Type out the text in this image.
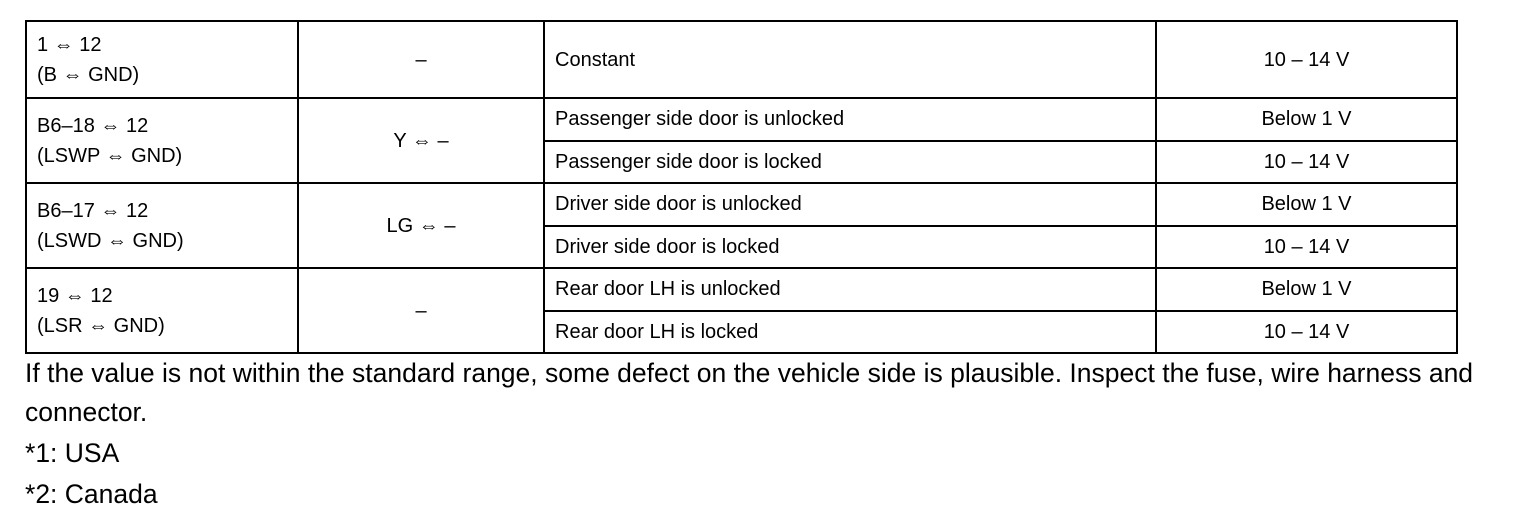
1 ⇔ 12
(B ⇔ GND)	–	Constant	10 – 14 V

B6–18 ⇔ 12
(LSWP ⇔ GND)	Y ⇔ –	Passenger side door is unlocked	Below 1 V
		Passenger side door is locked	10 – 14 V

B6–17 ⇔ 12
(LSWD ⇔ GND)	LG ⇔ –	Driver side door is unlocked	Below 1 V
		Driver side door is locked	10 – 14 V

19 ⇔ 12
(LSR ⇔ GND)	–	Rear door LH is unlocked	Below 1 V
		Rear door LH is locked	10 – 14 V

If the value is not within the standard range, some defect on the vehicle side is plausible. Inspect the fuse, wire harness and connector.

*1: USA

*2: Canada
